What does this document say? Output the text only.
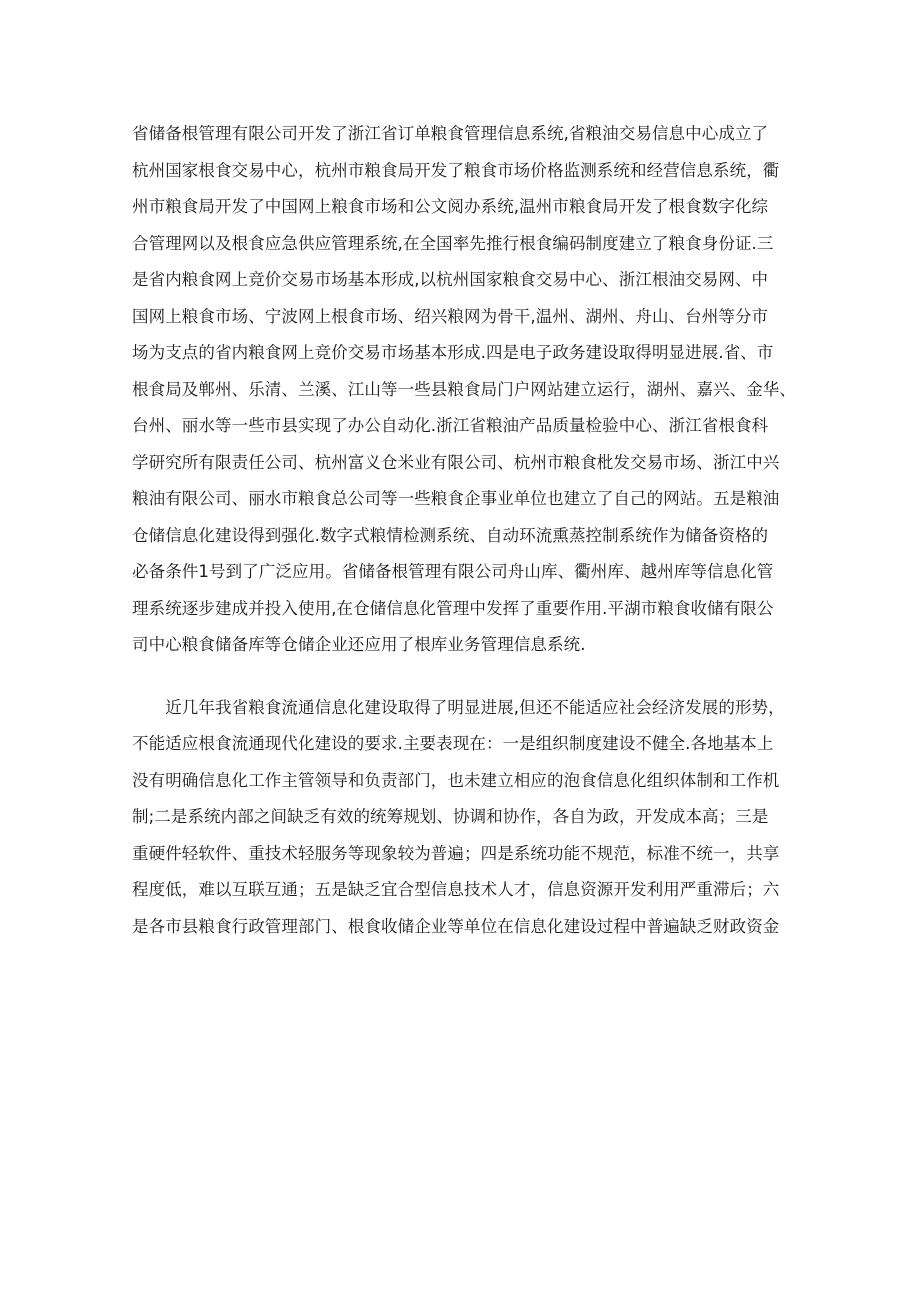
省储备根管理有限公司开发了浙江省订单粮食管理信息系统,省粮油交易信息中心成立了
杭州国家根食交易中心，杭州市粮食局开发了粮食市场价格监测系统和经营信息系统，衢
州市粮食局开发了中国网上粮食市场和公文阅办系统,温州市粮食局开发了根食数字化综
合管理网以及根食应急供应管理系统,在全国率先推行根食编码制度建立了粮食身份证.三
是省内粮食网上竞价交易市场基本形成,以杭州国家粮食交易中心、浙江根油交易网、中
国网上粮食市场、宁波网上根食市场、绍兴粮网为骨干,温州、湖州、舟山、台州等分市
场为支点的省内粮食网上竞价交易市场基本形成.四是电子政务建设取得明显进展.省、市
根食局及郸州、乐清、兰溪、江山等一些县粮食局门户网站建立运行，湖州、嘉兴、金华、
台州、丽水等一些市县实现了办公自动化.浙江省粮油产品质量检验中心、浙江省根食科
学研究所有限责任公司、杭州富义仓米业有限公司、杭州市粮食枇发交易市场、浙江中兴
粮油有限公司、丽水市粮食总公司等一些粮食企事业单位也建立了自己的网站。五是粮油
仓储信息化建设得到强化.数字式粮情检测系统、自动环流熏蒸控制系统作为储备资格的
必备条件1号到了广泛应用。省储备根管理有限公司舟山库、衢州库、越州库等信息化管
理系统逐步建成并投入使用,在仓储信息化管理中发挥了重要作用.平湖市粮食收储有限公
司中心粮食储备库等仓储企业还应用了根库业务管理信息系统.
　　近几年我省粮食流通信息化建设取得了明显进展,但还不能适应社会经济发展的形势，
不能适应根食流通现代化建设的要求.主要表现在：一是组织制度建设不健全.各地基本上
没有明确信息化工作主管领导和负责部门，也未建立相应的泡食信息化组织体制和工作机
制;二是系统内部之间缺乏有效的统筹规划、协调和协作，各自为政，开发成本高；三是
重硬件轻软件、重技术轻服务等现象较为普遍；四是系统功能不规范，标准不统一，共享
程度低，难以互联互通；五是缺乏宜合型信息技术人才，信息资源开发利用严重滞后；六
是各市县粮食行政管理部门、根食收储企业等单位在信息化建设过程中普遍缺乏财政资金
